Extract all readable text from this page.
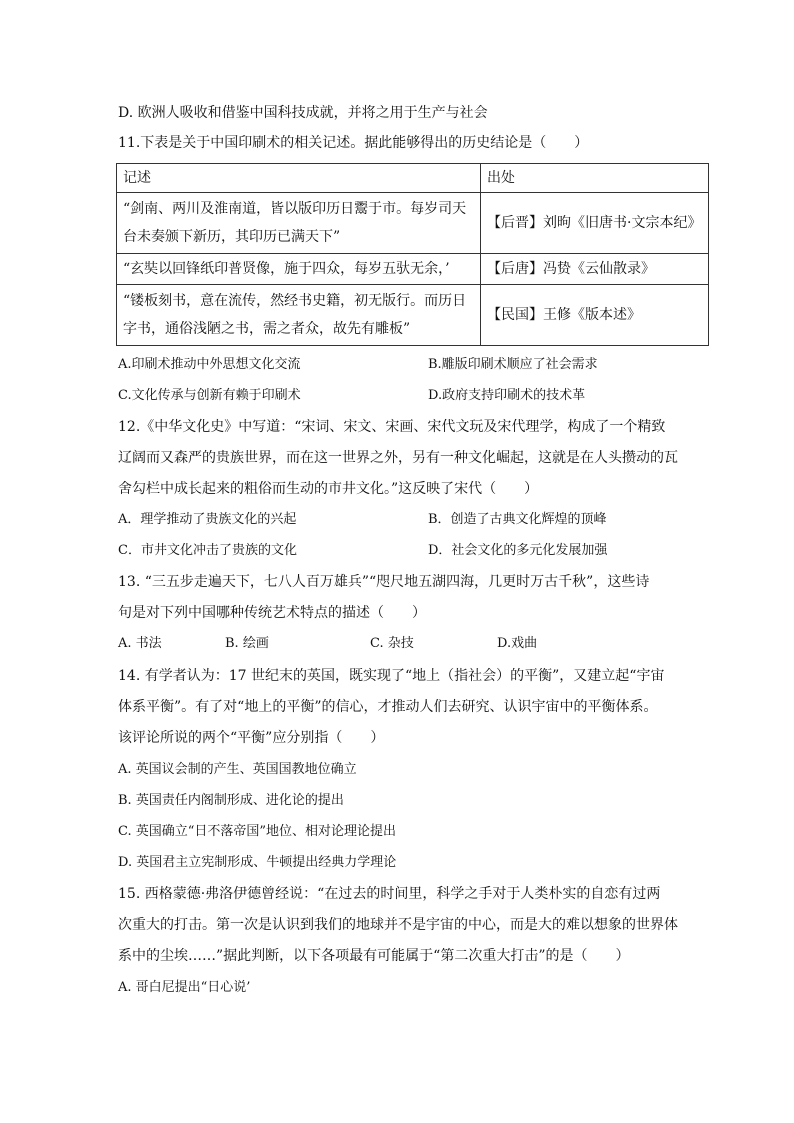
D. 欧洲人吸收和借鉴中国科技成就，并将之用于生产与社会
11.下表是关于中国印刷术的相关记述。据此能够得出的历史结论是（　　）
记述	出处

“剑南、两川及淮南道，皆以版印历日鬻于市。每岁司天台未奏颁下新历，其印历已满天下”	【后晋】刘昫《旧唐书·文宗本纪》

“玄奘以回锋纸印普贤像，施于四众，每岁五驮无余，’	【后唐】冯贽《云仙散录》

“镂板刻书，意在流传，然经书史籍，初无版行。而历日字书，通俗浅陋之书，需之者众，故先有雕板”	【民国】王修《版本述》
A.印刷术推动中外思想文化交流	B.雕版印刷术顺应了社会需求
C.文化传承与创新有赖于印刷术	D.政府支持印刷术的技术革
12.《中华文化史》中写道：“宋词、宋文、宋画、宋代文玩及宋代理学，构成了一个精致
辽阔而又森严的贵族世界，而在这一世界之外，另有一种文化崛起，这就是在人头攒动的瓦
舍勾栏中成长起来的粗俗而生动的市井文化。”这反映了宋代（　　）
A．理学推动了贵族文化的兴起	B．创造了古典文化辉煌的顶峰
C．市井文化冲击了贵族的文化	D．社会文化的多元化发展加强
13. “三五步走遍天下，七八人百万雄兵”“咫尺地五湖四海，几更时万古千秋”，这些诗
句是对下列中国哪种传统艺术特点的描述（　　）
A. 书法	B. 绘画	C. 杂技	D.戏曲
14. 有学者认为：17 世纪末的英国，既实现了“地上（指社会）的平衡”，又建立起“宇宙
体系平衡”。有了对“地上的平衡”的信心，才推动人们去研究、认识宇宙中的平衡体系。
该评论所说的两个“平衡”应分别指（　　）
A. 英国议会制的产生、英国国教地位确立
B. 英国责任内阁制形成、进化论的提出
C. 英国确立“日不落帝国”地位、相对论理论提出
D. 英国君主立宪制形成、牛顿提出经典力学理论
15. 西格蒙德·弗洛伊德曾经说：“在过去的时间里，科学之手对于人类朴实的自恋有过两
次重大的打击。第一次是认识到我们的地球并不是宇宙的中心，而是大的难以想象的世界体
系中的尘埃……”据此判断，以下各项最有可能属于“第二次重大打击”的是（　　）
A. 哥白尼提出“日心说’
